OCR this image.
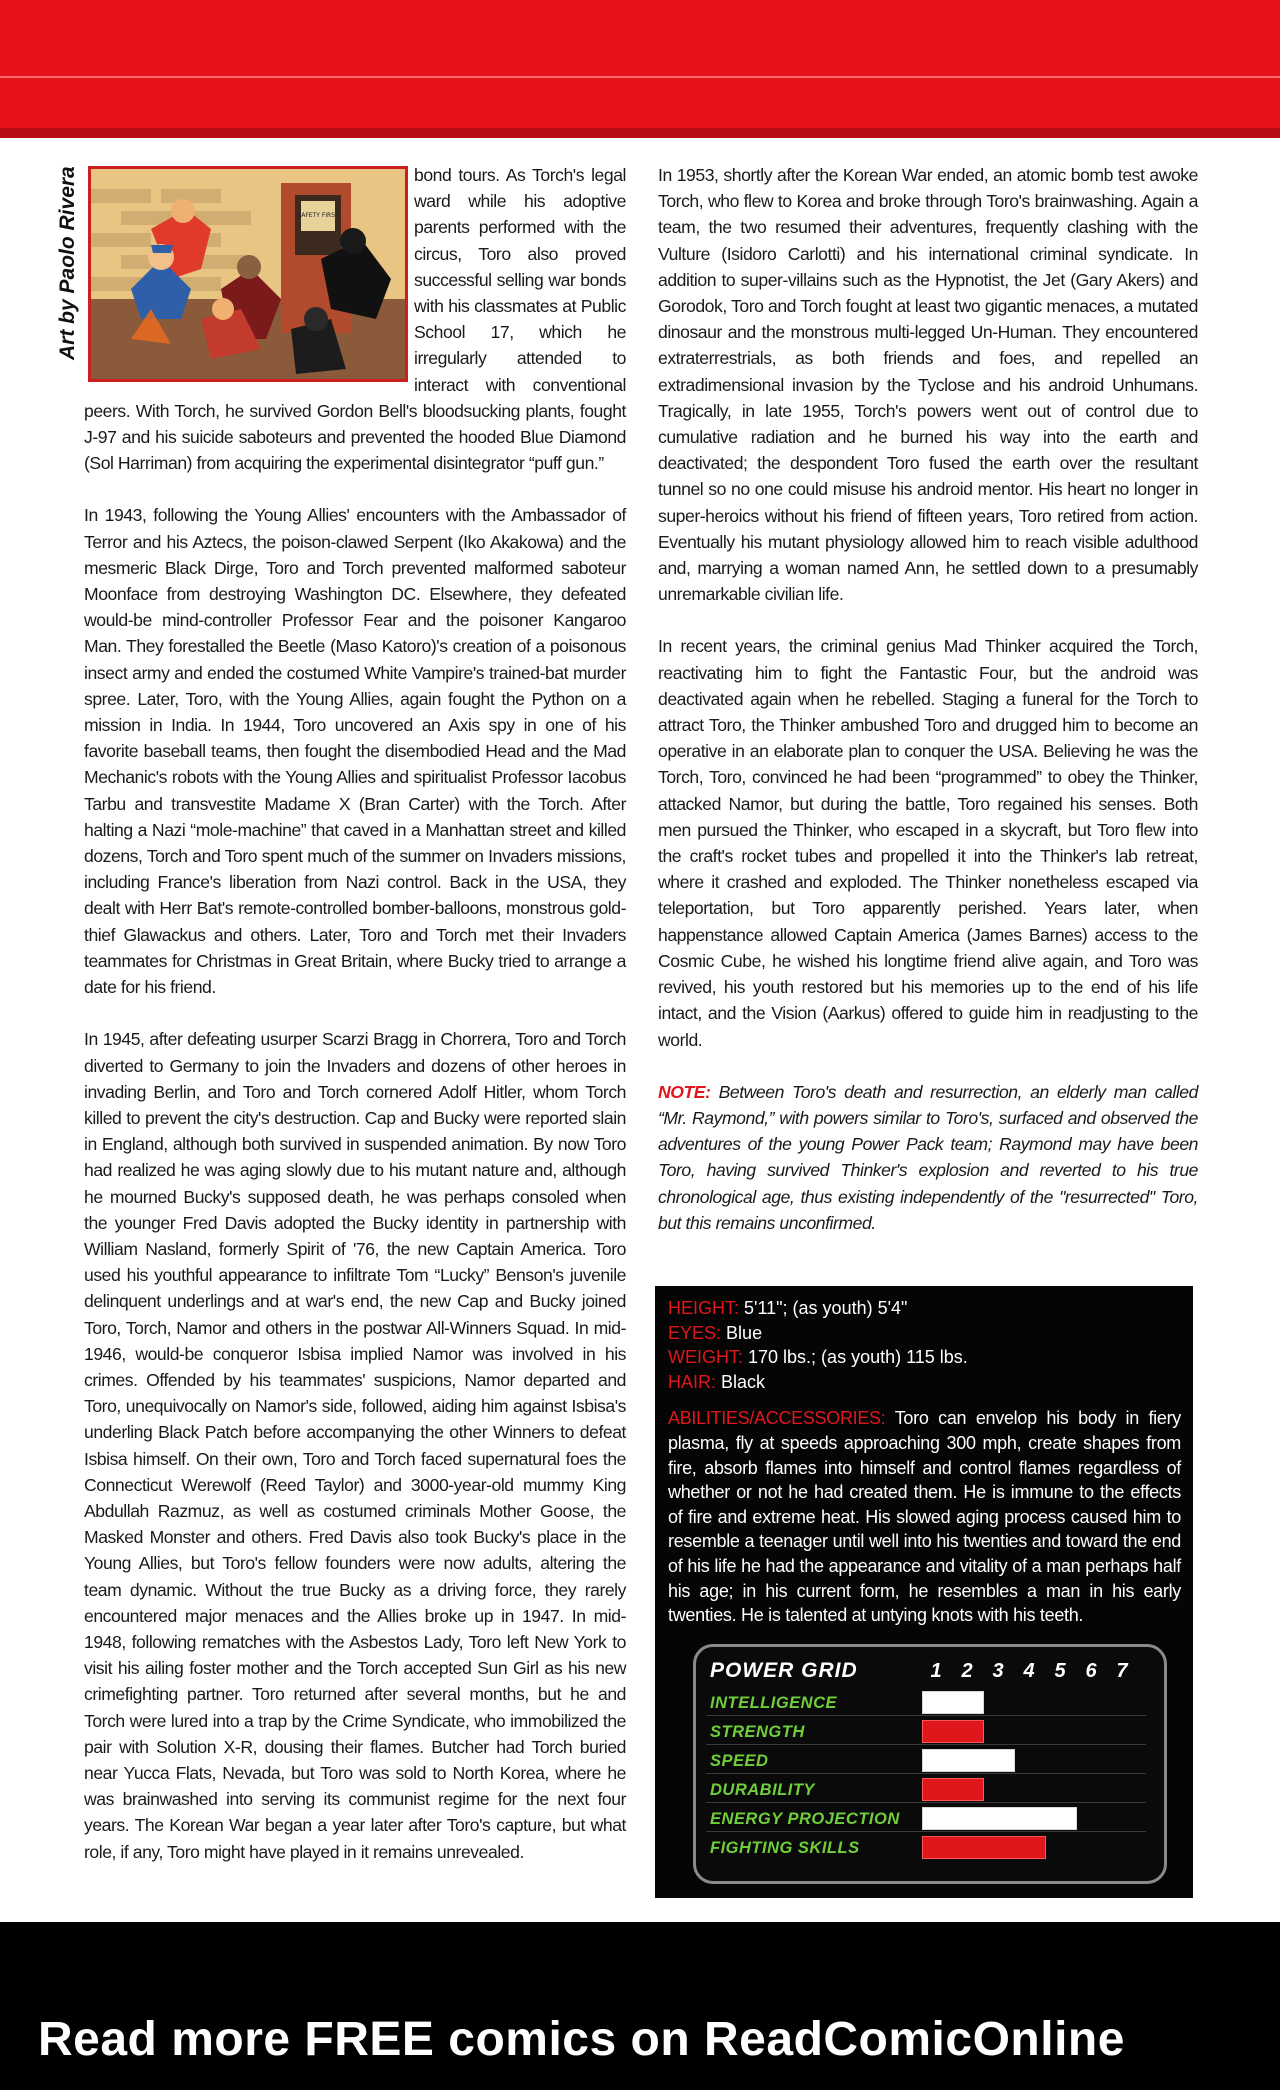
Art by Paolo Rivera	SAFETY FIRST

bond tours. As Torch's legal ward while his adoptive parents performed with the circus, Toro also proved successful selling war bonds with his classmates at Public School 17, which he irregularly attended to interact with conventional peers. With Torch, he survived Gordon Bell's bloodsucking plants, fought J-97 and his suicide saboteurs and prevented the hooded Blue Diamond (Sol Harriman) from acquiring the experimental disintegrator “puff gun.”

In 1943, following the Young Allies' encounters with the Ambassador of Terror and his Aztecs, the poison-clawed Serpent (Iko Akakowa) and the mesmeric Black Dirge, Toro and Torch prevented malformed saboteur Moonface from destroying Washington DC. Elsewhere, they defeated would-be mind-controller Professor Fear and the poisoner Kangaroo Man. They forestalled the Beetle (Maso Katoro)'s creation of a poisonous insect army and ended the costumed White Vampire's trained-bat murder spree. Later, Toro, with the Young Allies, again fought the Python on a mission in India. In 1944, Toro uncovered an Axis spy in one of his favorite baseball teams, then fought the disembodied Head and the Mad Mechanic's robots with the Young Allies and spiritualist Professor Iacobus Tarbu and transvestite Madame X (Bran Carter) with the Torch. After halting a Nazi “mole-machine” that caved in a Manhattan street and killed dozens, Torch and Toro spent much of the summer on Invaders missions, including France's liberation from Nazi control. Back in the USA, they dealt with Herr Bat's remote-controlled bomber-balloons, monstrous gold-thief Glawackus and others. Later, Toro and Torch met their Invaders teammates for Christmas in Great Britain, where Bucky tried to arrange a date for his friend.

In 1945, after defeating usurper Scarzi Bragg in Chorrera, Toro and Torch diverted to Germany to join the Invaders and dozens of other heroes in invading Berlin, and Toro and Torch cornered Adolf Hitler, whom Torch killed to prevent the city's destruction. Cap and Bucky were reported slain in England, although both survived in suspended animation. By now Toro had realized he was aging slowly due to his mutant nature and, although he mourned Bucky's supposed death, he was perhaps consoled when the younger Fred Davis adopted the Bucky identity in partnership with William Nasland, formerly Spirit of '76, the new Captain America. Toro used his youthful appearance to infiltrate Tom “Lucky” Benson's juvenile delinquent underlings and at war's end, the new Cap and Bucky joined Toro, Torch, Namor and others in the postwar All-Winners Squad. In mid-1946, would-be conqueror Isbisa implied Namor was involved in his crimes. Offended by his teammates' suspicions, Namor departed and Toro, unequivocally on Namor's side, followed, aiding him against Isbisa's underling Black Patch before accompanying the other Winners to defeat Isbisa himself. On their own, Toro and Torch faced supernatural foes the Connecticut Werewolf (Reed Taylor) and 3000-year-old mummy King Abdullah Razmuz, as well as costumed criminals Mother Goose, the Masked Monster and others. Fred Davis also took Bucky's place in the Young Allies, but Toro's fellow founders were now adults, altering the team dynamic. Without the true Bucky as a driving force, they rarely encountered major menaces and the Allies broke up in 1947. In mid-1948, following rematches with the Asbestos Lady, Toro left New York to visit his ailing foster mother and the Torch accepted Sun Girl as his new crimefighting partner. Toro returned after several months, but he and Torch were lured into a trap by the Crime Syndicate, who immobilized the pair with Solution X-R, dousing their flames. Butcher had Torch buried near Yucca Flats, Nevada, but Toro was sold to North Korea, where he was brainwashed into serving its communist regime for the next four years. The Korean War began a year later after Toro's capture, but what role, if any, Toro might have played in it remains unrevealed.

In 1953, shortly after the Korean War ended, an atomic bomb test awoke Torch, who flew to Korea and broke through Toro's brainwashing. Again a team, the two resumed their adventures, frequently clashing with the Vulture (Isidoro Carlotti) and his international criminal syndicate. In addition to super-villains such as the Hypnotist, the Jet (Gary Akers) and Gorodok, Toro and Torch fought at least two gigantic menaces, a mutated dinosaur and the monstrous multi-legged Un-Human. They encountered extraterrestrials, as both friends and foes, and repelled an extradimensional invasion by the Tyclose and his android Unhumans. Tragically, in late 1955, Torch's powers went out of control due to cumulative radiation and he burned his way into the earth and deactivated; the despondent Toro fused the earth over the resultant tunnel so no one could misuse his android mentor. His heart no longer in super-heroics without his friend of fifteen years, Toro retired from action. Eventually his mutant physiology allowed him to reach visible adulthood and, marrying a woman named Ann, he settled down to a presumably unremarkable civilian life.

In recent years, the criminal genius Mad Thinker acquired the Torch, reactivating him to fight the Fantastic Four, but the android was deactivated again when he rebelled. Staging a funeral for the Torch to attract Toro, the Thinker ambushed Toro and drugged him to become an operative in an elaborate plan to conquer the USA. Believing he was the Torch, Toro, convinced he had been “programmed” to obey the Thinker, attacked Namor, but during the battle, Toro regained his senses. Both men pursued the Thinker, who escaped in a skycraft, but Toro flew into the craft's rocket tubes and propelled it into the Thinker's lab retreat, where it crashed and exploded. The Thinker nonetheless escaped via teleportation, but Toro apparently perished. Years later, when happenstance allowed Captain America (James Barnes) access to the Cosmic Cube, he wished his longtime friend alive again, and Toro was revived, his youth restored but his memories up to the end of his life intact, and the Vision (Aarkus) offered to guide him in readjusting to the world.

NOTE: Between Toro's death and resurrection, an elderly man called “Mr. Raymond,” with powers similar to Toro's, surfaced and observed the adventures of the young Power Pack team; Raymond may have been Toro, having survived Thinker's explosion and reverted to his true chronological age, thus existing independently of the "resurrected" Toro, but this remains unconfirmed.

HEIGHT: 5'11"; (as youth) 5'4"
EYES: Blue
WEIGHT: 170 lbs.; (as youth) 115 lbs.
HAIR: Black
ABILITIES/ACCESSORIES: Toro can envelop his body in fiery plasma, fly at speeds approaching 300 mph, create shapes from fire, absorb flames into himself and control flames regardless of whether or not he had created them. He is immune to the effects of fire and extreme heat. His slowed aging process caused him to resemble a teenager until well into his twenties and toward the end of his life he had the appearance and vitality of a man perhaps half his age; in his current form, he resembles a man in his early twenties. He is talented at untying knots with his teeth.
POWER GRID	1 2 3 4 5 6 7
INTELLIGENCE
STRENGTH
SPEED
DURABILITY
ENERGY PROJECTION
FIGHTING SKILLS
Read more FREE comics on ReadComicOnline
